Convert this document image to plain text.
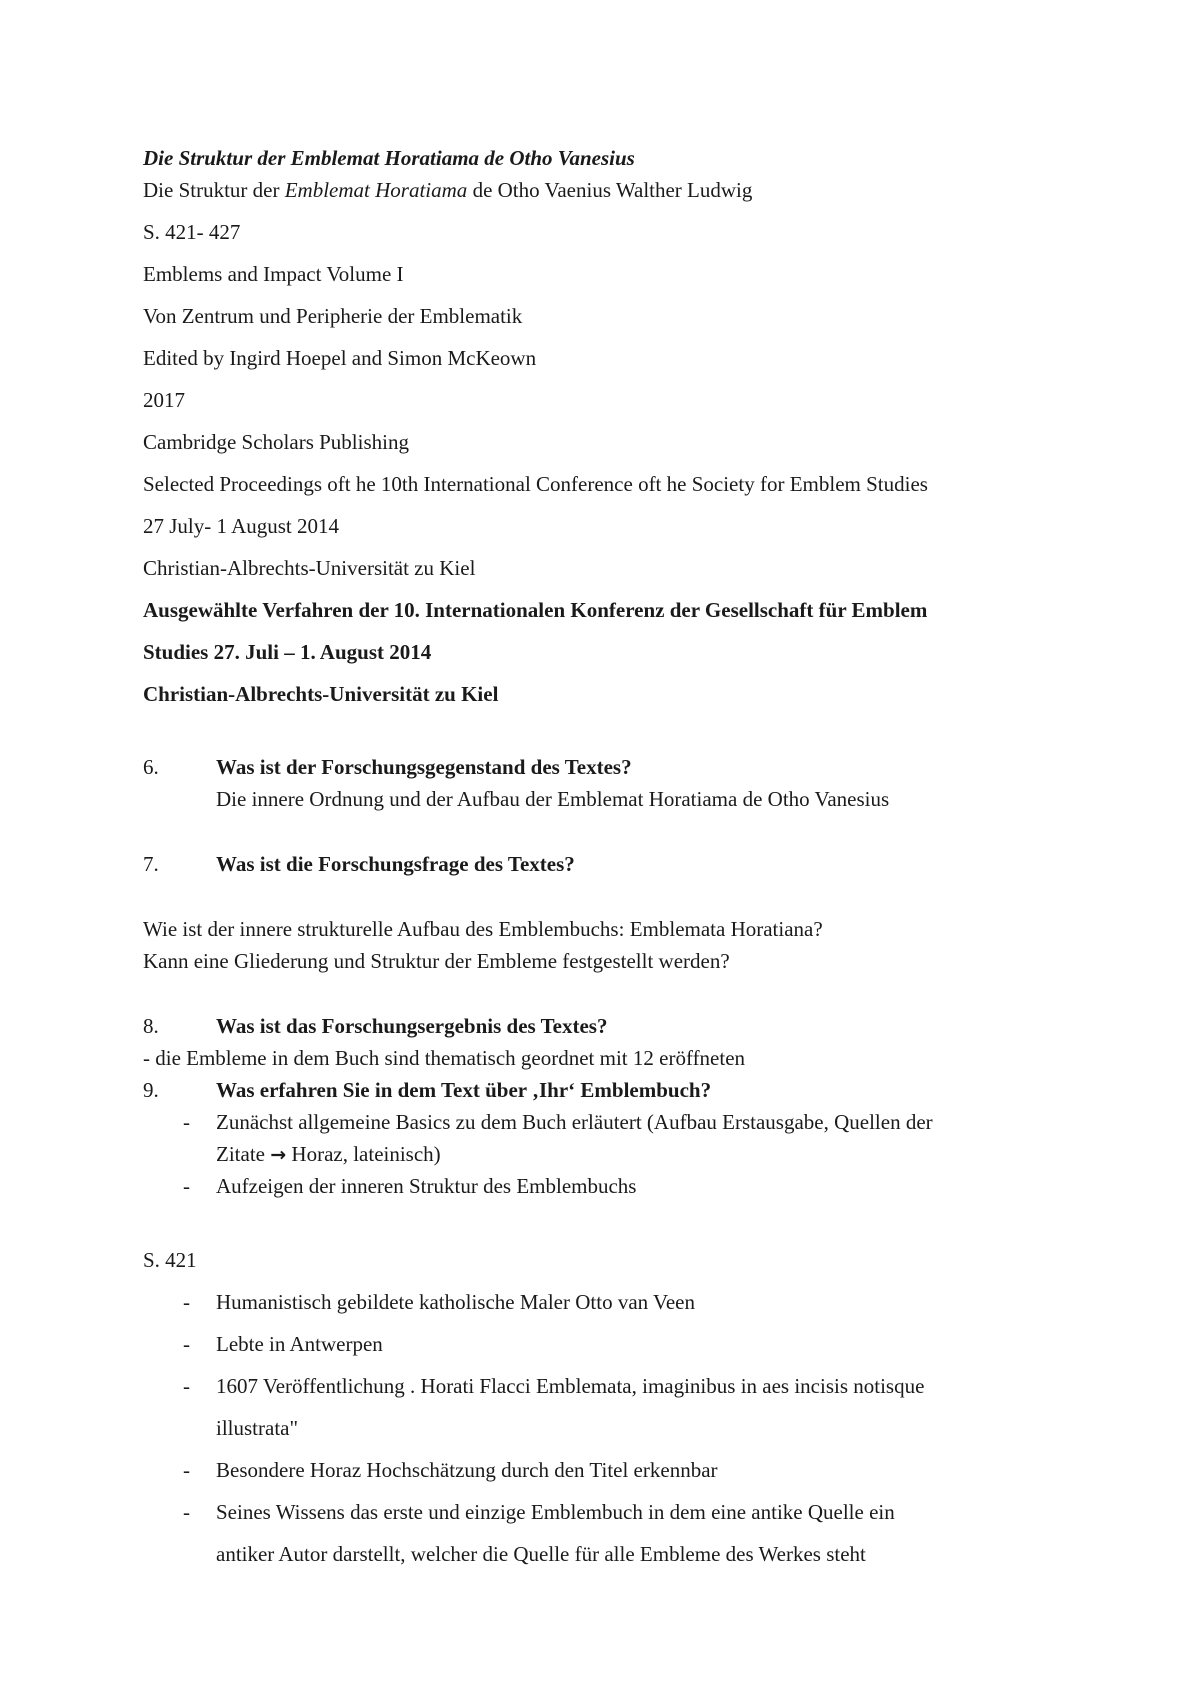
Die Struktur der Emblemat Horatiama de Otho Vanesius
Die Struktur der Emblemat Horatiama de Otho Vaenius Walther Ludwig
S. 421- 427
Emblems and Impact Volume I
Von Zentrum und Peripherie der Emblematik
Edited by Ingird Hoepel and Simon McKeown
2017
Cambridge Scholars Publishing
Selected Proceedings oft he 10th International Conference oft he Society for Emblem Studies
27 July- 1 August 2014
Christian-Albrechts-Universität zu Kiel
Ausgewählte Verfahren der 10. Internationalen Konferenz der Gesellschaft für Emblem
Studies 27. Juli – 1. August 2014
Christian-Albrechts-Universität zu Kiel
6.	Was ist der Forschungsgegenstand des Textes?
Die innere Ordnung und der Aufbau der Emblemat Horatiama de Otho Vanesius
7.	Was ist die Forschungsfrage des Textes?
Wie ist der innere strukturelle Aufbau des Emblembuchs: Emblemata Horatiana?
Kann eine Gliederung und Struktur der Embleme festgestellt werden?
8.	Was ist das Forschungsergebnis des Textes?
- die Embleme in dem Buch sind thematisch geordnet mit 12 eröffneten
9.	Was erfahren Sie in dem Text über ‚Ihr‘ Emblembuch?
- Zunächst allgemeine Basics zu dem Buch erläutert (Aufbau Erstausgabe, Quellen der
Zitate → Horaz, lateinisch)
- Aufzeigen der inneren Struktur des Emblembuchs
S. 421
- Humanistisch gebildete katholische Maler Otto van Veen
- Lebte in Antwerpen
- 1607 Veröffentlichung . Horati Flacci Emblemata, imaginibus in aes incisis notisque
illustrata"
- Besondere Horaz Hochschätzung durch den Titel erkennbar
- Seines Wissens das erste und einzige Emblembuch in dem eine antike Quelle ein
antiker Autor darstellt, welcher die Quelle für alle Embleme des Werkes steht
